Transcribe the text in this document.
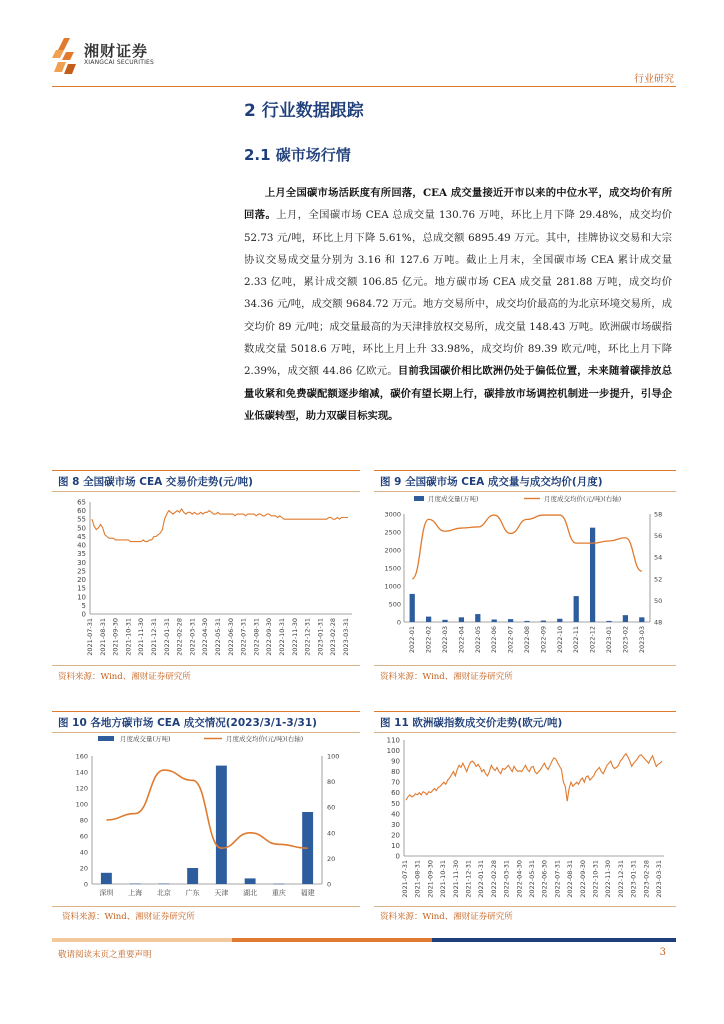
湘财证券
XIANGCAI SECURITIES
行业研究
2 行业数据跟踪
2.1 碳市场行情
  上月全国碳市场活跃度有所回落，CEA 成交量接近开市以来的中位水平，成交均价有所回落。上月，全国碳市场 CEA 总成交量 130.76 万吨，环比上月下降 29.48%，成交均价 52.73 元/吨，环比上月下降 5.61%，总成交额 6895.49 万元。其中，挂牌协议交易和大宗协议交易成交量分别为 3.16 和 127.6 万吨。截止上月末，全国碳市场 CEA 累计成交量 2.33 亿吨，累计成交额 106.85 亿元。地方碳市场 CEA 成交量 281.88 万吨，成交均价 34.36 元/吨，成交额 9684.72 万元。地方交易所中，成交均价最高的为北京环境交易所，成交均价 89 元/吨；成交量最高的为天津排放权交易所，成交量 148.43 万吨。欧洲碳市场碳指数成交量 5018.6 万吨，环比上月上升 33.98%，成交均价 89.39 欧元/吨，环比上月下降 2.39%，成交额 44.86 亿欧元。目前我国碳价相比欧洲仍处于偏低位置，未来随着碳排放总量收紧和免费碳配额逐步缩减，碳价有望长期上行，碳排放市场调控机制进一步提升，引导企业低碳转型，助力双碳目标实现。
图 8 全国碳市场 CEA 交易价走势(元/吨)
0
5
10
15
20
25
30
35
40
45
50
55
60
65
2021-07-31 2021-08-31 2021-09-30 2021-10-31 2021-11-30 2021-12-31 2022-01-31 2022-02-28 2022-03-31 2022-04-30 2022-05-31 2022-06-30 2022-07-31 2022-08-31 2022-09-30 2022-10-31 2022-11-30 2022-12-31 2023-01-31 2023-02-28 2023-03-31
资料来源：Wind、湘财证券研究所
图 9 全国碳市场 CEA 成交量与成交均价(月度)
月度成交量(万吨)	月度成交均价(元/吨)(右轴)
0
500
1000
1500
2000
2500
3000
48
50
52
54
56
58
2022-01 2022-02 2022-03 2022-04 2022-05 2022-06 2022-07 2022-08 2022-09 2022-10 2022-11 2022-12 2023-01 2023-02 2023-03
资料来源：Wind、湘财证券研究所
图 10 各地方碳市场 CEA 成交情况(2023/3/1-3/31)
月度成交量(万吨)	月度成交均价(元/吨)(右轴)
0
20
40
60
80
100
120
140
160
0
20
40
60
80
100
深圳 上海 北京 广东 天津 湖北 重庆 福建
资料来源：Wind、湘财证券研究所
图 11 欧洲碳指数成交价走势(欧元/吨)
0
10
20
30
40
50
60
70
80
90
100
110
2021-07-31 2021-08-31 2021-09-30 2021-10-31 2021-11-30 2021-12-31 2022-01-31 2022-02-28 2022-03-31 2022-04-30 2022-05-31 2022-06-30 2022-07-31 2022-08-31 2022-09-30 2022-10-31 2022-11-30 2022-12-31 2023-01-31 2023-02-28 2023-03-31
资料来源：Wind、湘财证券研究所
敬请阅读末页之重要声明	3
